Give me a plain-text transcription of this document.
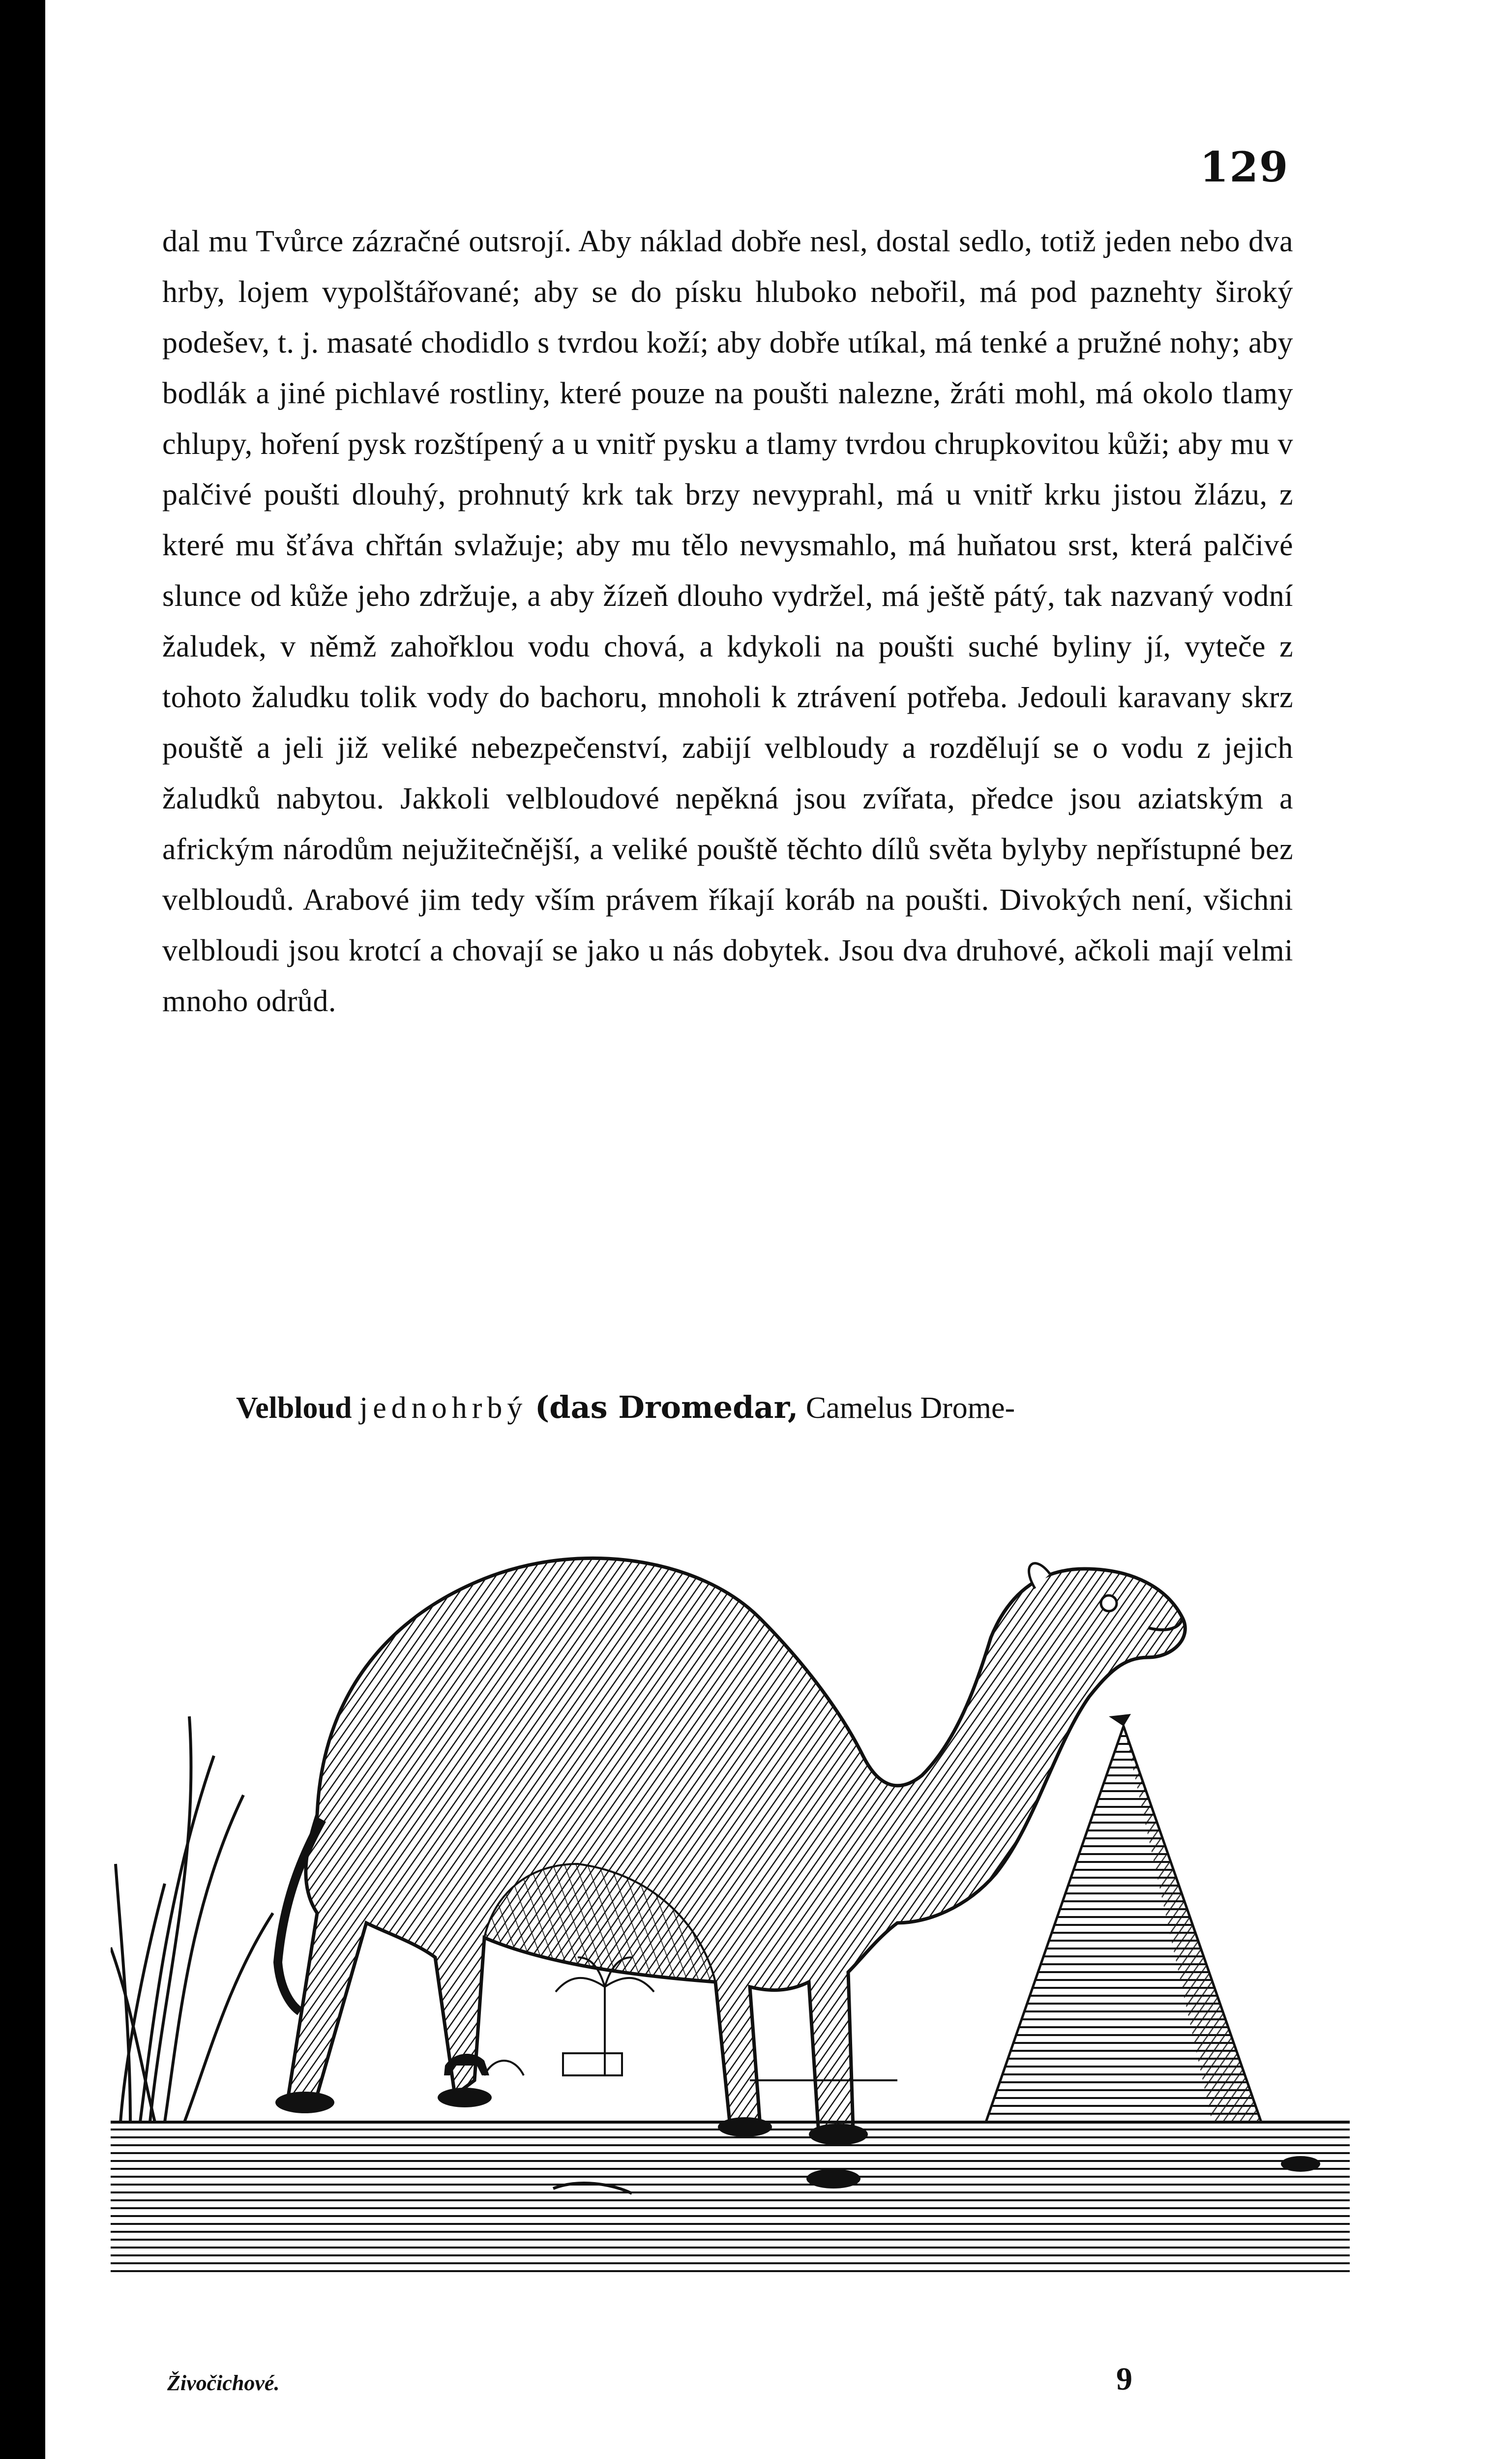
129

dal mu Tvůrce zázračné outsrojí. Aby náklad dobře nesl, dostal sedlo, totiž jeden nebo dva hrby, lojem vypolštářované; aby se do písku hluboko nebořil, má pod paznehty široký podešev, t. j. masaté chodidlo s tvrdou koží; aby dobře utíkal, má tenké a pružné nohy; aby bodlák a jiné pichlavé rostliny, které pouze na poušti nalezne, žráti mohl, má okolo tlamy chlupy, hoření pysk rozštípený a u vnitř pysku a tlamy tvrdou chrupkovitou kůži; aby mu v palčivé poušti dlouhý, prohnutý krk tak brzy nevyprahl, má u vnitř krku jistou žlázu, z které mu šťáva chřtán svlažuje; aby mu tělo nevysmahlo, má huňatou srst, která palčivé slunce od kůže jeho zdržuje, a aby žízeň dlouho vydržel, má ještě pátý, tak nazvaný vodní žaludek, v němž zahořklou vodu chová, a kdykoli na poušti suché byliny jí, vyteče z tohoto žaludku tolik vody do bachoru, mnoholi k ztrávení potřeba. Jedouli karavany skrz pouště a jeli již veliké nebezpečenství, zabijí velbloudy a rozdělují se o vodu z jejich žaludků nabytou. Jakkoli velbloudové nepěkná jsou zvířata, předce jsou aziatským a africkým národům nejužitečnější, a veliké pouště těchto dílů světa bylyby nepřístupné bez velbloudů. Arabové jim tedy vším právem říkají koráb na poušti. Divokých není, všichni velbloudi jsou krotcí a chovají se jako u nás dobytek. Jsou dva druhové, ačkoli mají velmi mnoho odrůd.

Velbloud jednohrbý (das Dromedar, Camelus Drome-
Živočichové.	9
